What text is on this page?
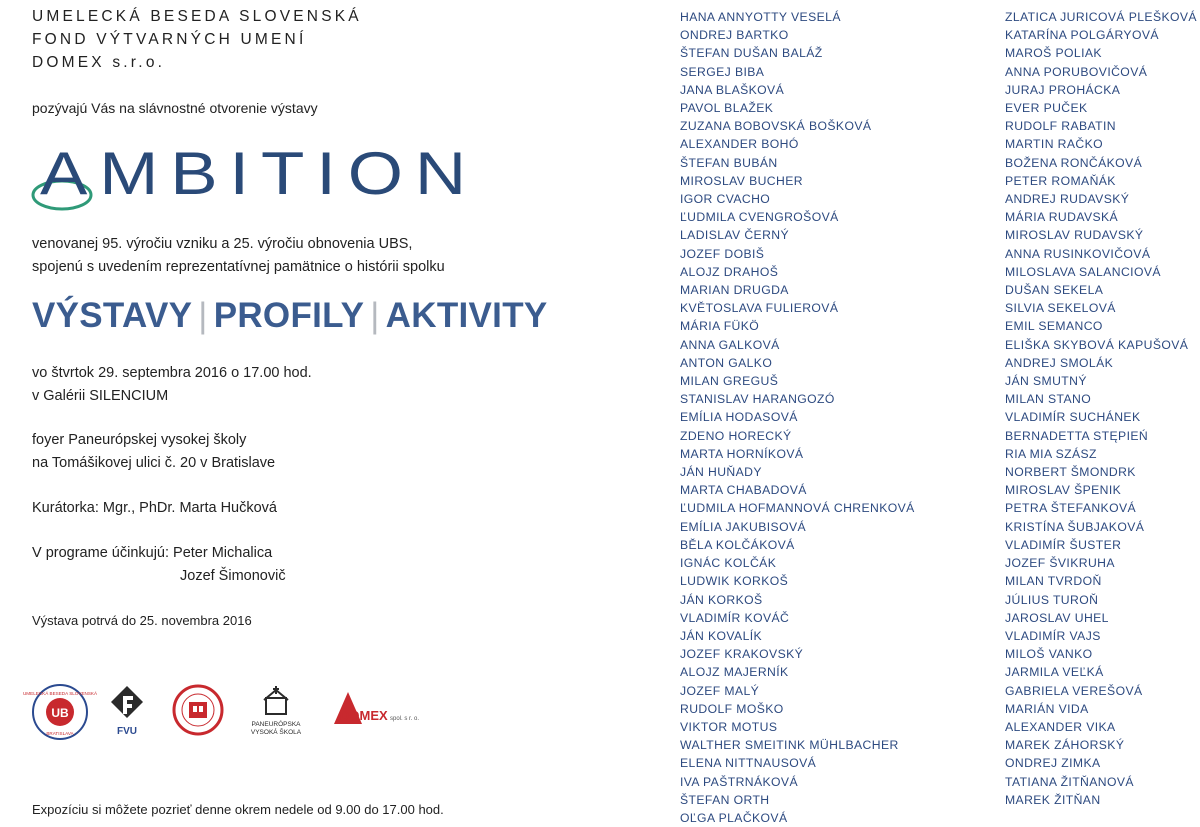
UMELECKÁ BESEDA SLOVENSKÁ
FOND VÝTVARNÝCH UMENÍ
DOMEX s.r.o.
pozývajú Vás na slávnostné otvorenie výstavy
AMBITION
venovanej 95. výročiu vzniku a 25. výročiu obnovenia UBS,
spojenú s uvedením reprezentatívnej pamätnice o histórii spolku
VÝSTAVY | PROFILY | AKTIVITY
vo štvrtok 29. septembra 2016 o 17.00 hod.
v Galérii SILENCIUM
foyer Paneurópskej vysokej školy
na Tomášikovej ulici č. 20 v Bratislave
Kurátorka: Mgr., PhDr. Marta Hučková
V programe účinkujú: Peter Michalica
Jozef Šimonovič
Výstava potrvá do 25. novembra 2016
UB
UMELECKÁ BESEDA SLOVENSKÁ
BRATISLAVA	FVU
PANEURÓPSKA
VYSOKÁ ŠKOLA
DOMEX spol. s r. o.
Expozíciu si môžete pozrieť denne okrem nedele od 9.00 do 17.00 hod.
HANA ANNYOTTY VESELÁ
ONDREJ BARTKO
ŠTEFAN DUŠAN BALÁŽ
SERGEJ BIBA
JANA BLAŠKOVÁ
PAVOL BLAŽEK
ZUZANA BOBOVSKÁ BOŠKOVÁ
ALEXANDER BOHÓ
ŠTEFAN BUBÁN
MIROSLAV BUCHER
IGOR CVACHO
ĽUDMILA CVENGROŠOVÁ
LADISLAV ČERNÝ
JOZEF DOBIŠ
ALOJZ DRAHOŠ
MARIAN DRUGDA
KVĚTOSLAVA FULIEROVÁ
MÁRIA FÜKÖ
ANNA GALKOVÁ
ANTON GALKO
MILAN GREGUŠ
STANISLAV HARANGOZÓ
EMÍLIA HODASOVÁ
ZDENO HORECKÝ
MARTA HORNÍKOVÁ
JÁN HUŇADY
MARTA CHABADOVÁ
ĽUDMILA HOFMANNOVÁ CHRENKOVÁ
EMÍLIA JAKUBISOVÁ
BĚLA KOLČÁKOVÁ
IGNÁC KOLČÁK
LUDWIK KORKOŠ
JÁN KORKOŠ
VLADIMÍR KOVÁČ
JÁN KOVALÍK
JOZEF KRAKOVSKÝ
ALOJZ MAJERNÍK
JOZEF MALÝ
RUDOLF MOŠKO
VIKTOR MOTUS
WALTHER SMEITINK MÜHLBACHER
ELENA NITTNAUSOVÁ
IVA PAŠTRNÁKOVÁ
ŠTEFAN ORTH
OĽGA PLAČKOVÁ
ZLATICA JURICOVÁ PLEŠKOVÁ
KATARÍNA POLGÁRYOVÁ
MAROŠ POLIAK
ANNA PORUBOVIČOVÁ
JURAJ PROHÁCKA
EVER PUČEK
RUDOLF RABATIN
MARTIN RAČKO
BOŽENA RONČÁKOVÁ
PETER ROMAŇÁK
ANDREJ RUDAVSKÝ
MÁRIA RUDAVSKÁ
MIROSLAV RUDAVSKÝ
ANNA RUSINKOVIČOVÁ
MILOSLAVA SALANCIOVÁ
DUŠAN SEKELA
SILVIA SEKELOVÁ
EMIL SEMANCO
ELIŠKA SKYBOVÁ KAPUŠOVÁ
ANDREJ SMOLÁK
JÁN SMUTNÝ
MILAN STANO
VLADIMÍR SUCHÁNEK
BERNADETTA STĘPIEŃ
RIA MIA SZÁSZ
NORBERT ŠMONDRK
MIROSLAV ŠPENIK
PETRA ŠTEFANKOVÁ
KRISTÍNA ŠUBJAKOVÁ
VLADIMÍR ŠUSTER
JOZEF ŠVIKRUHA
MILAN TVRDOŇ
JÚLIUS TUROŇ
JAROSLAV UHEL
VLADIMÍR VAJS
MILOŠ VANKO
JARMILA VEĽKÁ
GABRIELA VEREŠOVÁ
MARIÁN VIDA
ALEXANDER VIKA
MAREK ZÁHORSKÝ
ONDREJ ZIMKA
TATIANA ŽITŇANOVÁ
MAREK ŽITŇAN
